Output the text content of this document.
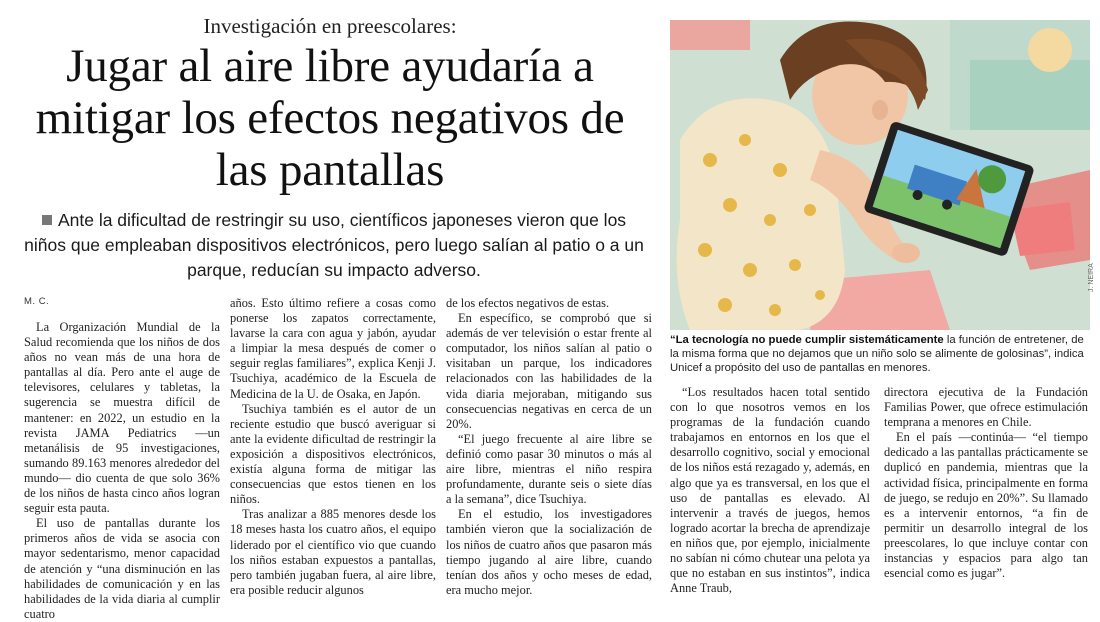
Investigación en preescolares:
Jugar al aire libre ayudaría a mitigar los efectos negativos de las pantallas
Ante la dificultad de restringir su uso, científicos japoneses vieron que los niños que empleaban dispositivos electrónicos, pero luego salían al patio o a un parque, reducían su impacto adverso.
M. C.

La Organización Mundial de la Salud recomienda que los niños de dos años no vean más de una hora de pantallas al día. Pero ante el auge de televisores, celulares y tabletas, la sugerencia se muestra difícil de mantener: en 2022, un estudio en la revista JAMA Pediatrics —un metanálisis de 95 investigaciones, sumando 89.163 menores alrededor del mundo— dio cuenta de que solo 36% de los niños de hasta cinco años logran seguir esta pauta.

El uso de pantallas durante los primeros años de vida se asocia con mayor sedentarismo, menor capacidad de atención y “una disminución en las habilidades de comunicación y en las habilidades de la vida diaria al cumplir cuatro

años. Esto último refiere a cosas como ponerse los zapatos correctamente, lavarse la cara con agua y jabón, ayudar a limpiar la mesa después de comer o seguir reglas familiares”, explica Kenji J. Tsuchiya, académico de la Escuela de Medicina de la U. de Osaka, en Japón.

Tsuchiya también es el autor de un reciente estudio que buscó averiguar si ante la evidente dificultad de restringir la exposición a dispositivos electrónicos, existía alguna forma de mitigar las consecuencias que estos tienen en los niños.

Tras analizar a 885 menores desde los 18 meses hasta los cuatro años, el equipo liderado por el científico vio que cuando los niños estaban expuestos a pantallas, pero también jugaban fuera, al aire libre, era posible reducir algunos

de los efectos negativos de estas.

En específico, se comprobó que si además de ver televisión o estar frente al computador, los niños salían al patio o visitaban un parque, los indicadores relacionados con las habilidades de la vida diaria mejoraban, mitigando sus consecuencias negativas en cerca de un 20%.

“El juego frecuente al aire libre se definió como pasar 30 minutos o más al aire libre, mientras el niño respira profundamente, durante seis o siete días a la semana”, dice Tsuchiya.

En el estudio, los investigadores también vieron que la socialización de los niños de cuatro años que pasaron más tiempo jugando al aire libre, cuando tenían dos años y ocho meses de edad, era mucho mejor.

J. NEIRA
“La tecnología no puede cumplir sistemáticamente la función de entretener, de la misma forma que no dejamos que un niño solo se alimente de golosinas”, indica Unicef a propósito del uso de pantallas en menores.

“Los resultados hacen total sentido con lo que nosotros vemos en los programas de la fundación cuando trabajamos en entornos en los que el desarrollo cognitivo, social y emocional de los niños está rezagado y, además, en algo que ya es transversal, en los que el uso de pantallas es elevado. Al intervenir a través de juegos, hemos logrado acortar la brecha de aprendizaje en niños que, por ejemplo, inicialmente no sabían ni cómo chutear una pelota ya que no estaban en sus instintos”, indica Anne Traub,

directora ejecutiva de la Fundación Familias Power, que ofrece estimulación temprana a menores en Chile.

En el país —continúa— “el tiempo dedicado a las pantallas prácticamente se duplicó en pandemia, mientras que la actividad física, principalmente en forma de juego, se redujo en 20%”. Su llamado es a intervenir entornos, “a fin de permitir un desarrollo integral de los preescolares, lo que incluye contar con instancias y espacios para algo tan esencial como es jugar”.
